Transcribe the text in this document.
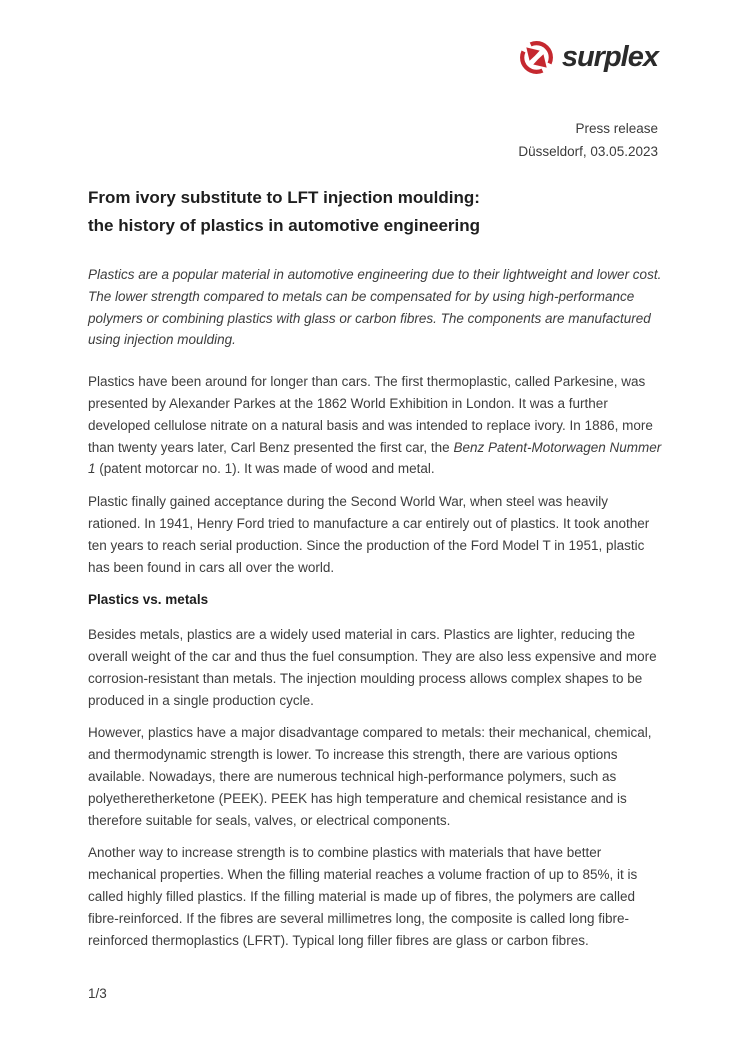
surplex
Press release
Düsseldorf, 03.05.2023
From ivory substitute to LFT injection moulding:
the history of plastics in automotive engineering

Plastics are a popular material in automotive engineering due to their lightweight and lower cost. The lower strength compared to metals can be compensated for by using high-performance polymers or combining plastics with glass or carbon fibres. The components are manufactured using injection moulding.

Plastics have been around for longer than cars. The first thermoplastic, called Parkesine, was presented by Alexander Parkes at the 1862 World Exhibition in London. It was a further developed cellulose nitrate on a natural basis and was intended to replace ivory. In 1886, more than twenty years later, Carl Benz presented the first car, the Benz Patent-Motorwagen Nummer 1 (patent motorcar no. 1). It was made of wood and metal.

Plastic finally gained acceptance during the Second World War, when steel was heavily rationed. In 1941, Henry Ford tried to manufacture a car entirely out of plastics. It took another ten years to reach serial production. Since the production of the Ford Model T in 1951, plastic has been found in cars all over the world.

Plastics vs. metals

Besides metals, plastics are a widely used material in cars. Plastics are lighter, reducing the overall weight of the car and thus the fuel consumption. They are also less expensive and more corrosion-resistant than metals. The injection moulding process allows complex shapes to be produced in a single production cycle.

However, plastics have a major disadvantage compared to metals: their mechanical, chemical, and thermodynamic strength is lower. To increase this strength, there are various options available. Nowadays, there are numerous technical high-performance polymers, such as polyetheretherketone (PEEK). PEEK has high temperature and chemical resistance and is therefore suitable for seals, valves, or electrical components.

Another way to increase strength is to combine plastics with materials that have better mechanical properties. When the filling material reaches a volume fraction of up to 85%, it is called highly filled plastics. If the filling material is made up of fibres, the polymers are called fibre-reinforced. If the fibres are several millimetres long, the composite is called long fibre-reinforced thermoplastics (LFRT). Typical long filler fibres are glass or carbon fibres.

1/3
